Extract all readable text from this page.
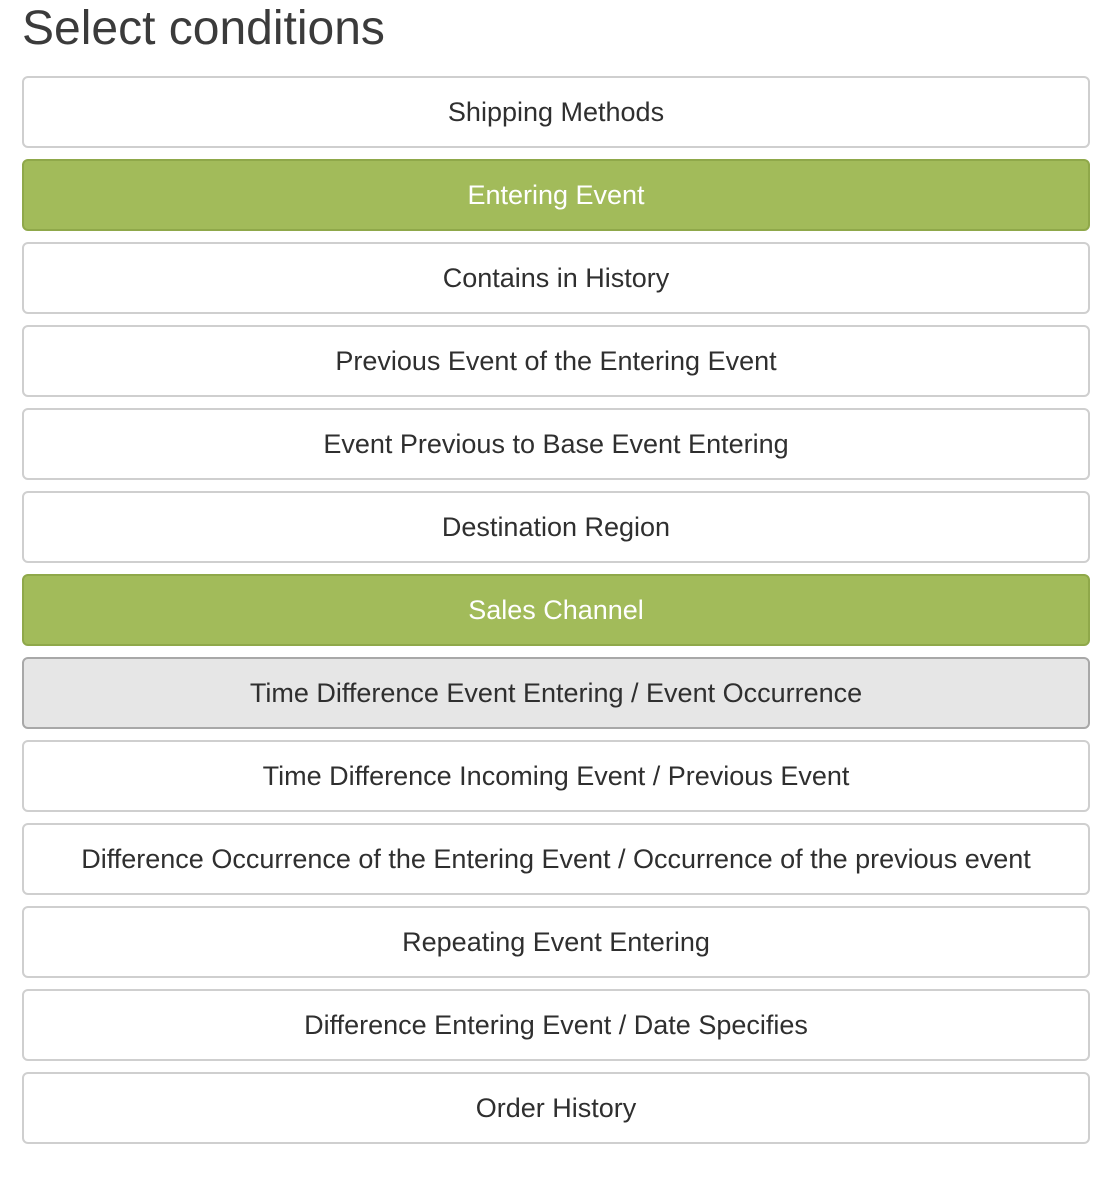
Select conditions
Shipping Methods
Entering Event
Contains in History
Previous Event of the Entering Event
Event Previous to Base Event Entering
Destination Region
Sales Channel
Time Difference Event Entering / Event Occurrence
Time Difference Incoming Event / Previous Event
Difference Occurrence of the Entering Event / Occurrence of the previous event
Repeating Event Entering
Difference Entering Event / Date Specifies
Order History
